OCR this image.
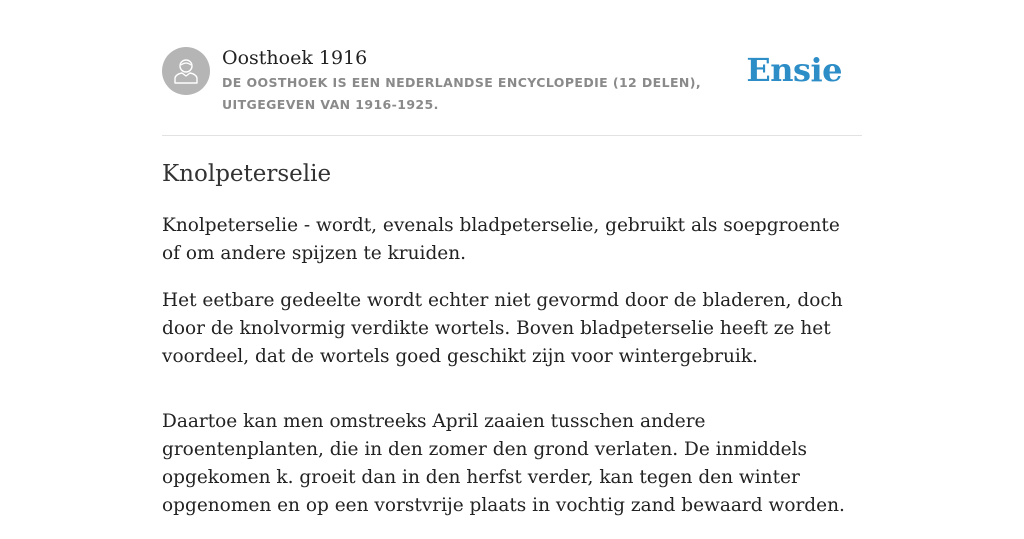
Oosthoek 1916
DE OOSTHOEK IS EEN NEDERLANDSE ENCYCLOPEDIE (12 DELEN), UITGEGEVEN VAN 1916-1925.
Ensie
Knolpeterselie

Knolpeterselie - wordt, evenals bladpeterselie, gebruikt als soepgroente of om andere spijzen te kruiden.

Het eetbare gedeelte wordt echter niet gevormd door de bladeren, doch door de knolvormig verdikte wortels. Boven bladpeterselie heeft ze het voordeel, dat de wortels goed geschikt zijn voor wintergebruik.

Daartoe kan men omstreeks April zaaien tusschen andere groentenplanten, die in den zomer den grond verlaten. De inmiddels opgekomen k. groeit dan in den herfst verder, kan tegen den winter opgenomen en op een vorstvrije plaats in vochtig zand bewaard worden.
